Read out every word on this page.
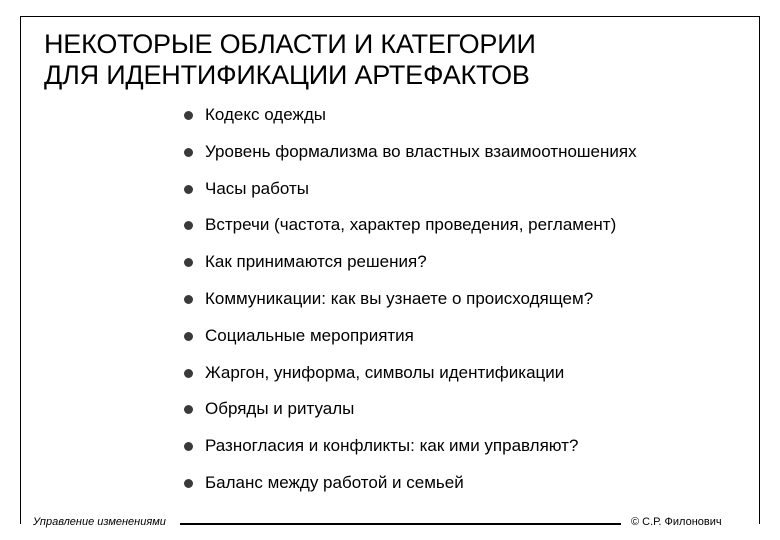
НЕКОТОРЫЕ ОБЛАСТИ И КАТЕГОРИИ
ДЛЯ ИДЕНТИФИКАЦИИ АРТЕФАКТОВ
Кодекс одежды
Уровень формализма во властных взаимоотношениях
Часы работы
Встречи (частота, характер проведения, регламент)
Как принимаются решения?
Коммуникации: как вы узнаете о происходящем?
Социальные мероприятия
Жаргон, униформа, символы идентификации
Обряды и ритуалы
Разногласия и конфликты: как ими управляют?
Баланс между работой и семьей
Управление изменениями	© С.Р. Филонович
